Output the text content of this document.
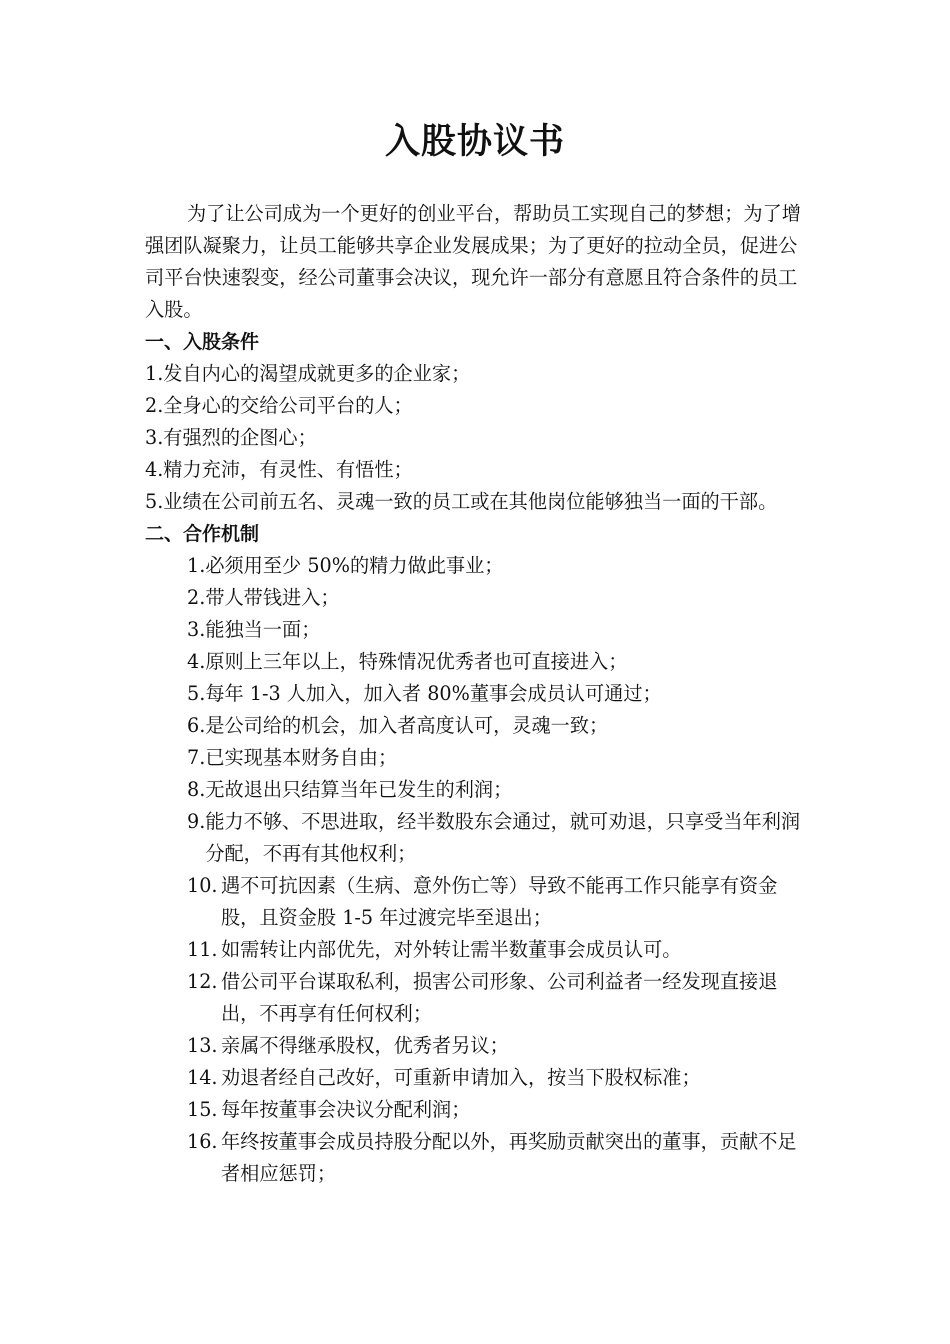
入股协议书

为了让公司成为一个更好的创业平台，帮助员工实现自己的梦想；为了增强团队凝聚力，让员工能够共享企业发展成果；为了更好的拉动全员，促进公司平台快速裂变，经公司董事会决议，现允许一部分有意愿且符合条件的员工入股。

一、入股条件

1.发自内心的渴望成就更多的企业家；
2.全身心的交给公司平台的人；
3.有强烈的企图心；
4.精力充沛，有灵性、有悟性；
5.业绩在公司前五名、灵魂一致的员工或在其他岗位能够独当一面的干部。

二、合作机制

1. 必须用至少 50%的精力做此事业；
2. 带人带钱进入；
3. 能独当一面；
4. 原则上三年以上，特殊情况优秀者也可直接进入；
5. 每年 1-3 人加入，加入者 80%董事会成员认可通过；
6. 是公司给的机会，加入者高度认可，灵魂一致；
7. 已实现基本财务自由；
8. 无故退出只结算当年已发生的利润；
9. 能力不够、不思进取，经半数股东会通过，就可劝退，只享受当年利润分配，不再有其他权利；
10. 遇不可抗因素（生病、意外伤亡等）导致不能再工作只能享有资金股，且资金股 1-5 年过渡完毕至退出；
11. 如需转让内部优先，对外转让需半数董事会成员认可。
12. 借公司平台谋取私利，损害公司形象、公司利益者一经发现直接退出，不再享有任何权利；
13. 亲属不得继承股权，优秀者另议；
14. 劝退者经自己改好，可重新申请加入，按当下股权标准；
15. 每年按董事会决议分配利润；
16. 年终按董事会成员持股分配以外，再奖励贡献突出的董事，贡献不足者相应惩罚；
